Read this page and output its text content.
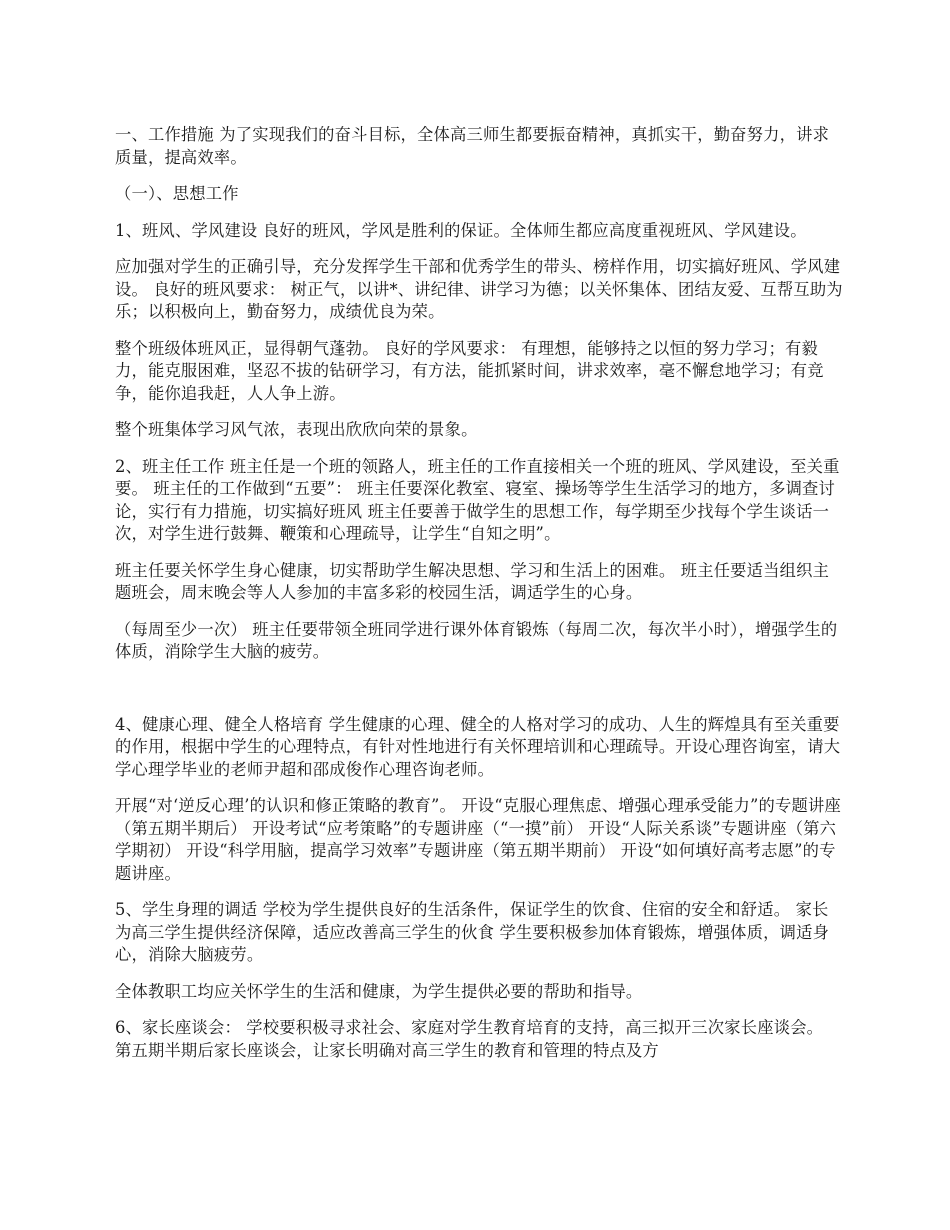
一、工作措施 为了实现我们的奋斗目标，全体高三师生都要振奋精神，真抓实干，勤奋努力，讲求质量，提高效率。

（一）、思想工作

1、班风、学风建设 良好的班风，学风是胜利的保证。全体师生都应高度重视班风、学风建设。

应加强对学生的正确引导，充分发挥学生干部和优秀学生的带头、榜样作用，切实搞好班风、学风建设。 良好的班风要求： 树正气，以讲*、讲纪律、讲学习为德；以关怀集体、团结友爱、互帮互助为乐；以积极向上，勤奋努力，成绩优良为荣。

整个班级体班风正，显得朝气蓬勃。 良好的学风要求： 有理想，能够持之以恒的努力学习；有毅力，能克服困难，坚忍不拔的钻研学习，有方法，能抓紧时间，讲求效率，毫不懈怠地学习；有竞争，能你追我赶，人人争上游。

整个班集体学习风气浓，表现出欣欣向荣的景象。

2、班主任工作 班主任是一个班的领路人，班主任的工作直接相关一个班的班风、学风建设，至关重要。 班主任的工作做到“五要”： 班主任要深化教室、寝室、操场等学生生活学习的地方，多调查讨论，实行有力措施，切实搞好班风 班主任要善于做学生的思想工作，每学期至少找每个学生谈话一次，对学生进行鼓舞、鞭策和心理疏导，让学生“自知之明”。

班主任要关怀学生身心健康，切实帮助学生解决思想、学习和生活上的困难。 班主任要适当组织主题班会，周末晚会等人人参加的丰富多彩的校园生活，调适学生的心身。

（每周至少一次） 班主任要带领全班同学进行课外体育锻炼（每周二次，每次半小时），增强学生的体质，消除学生大脑的疲劳。

4、健康心理、健全人格培育 学生健康的心理、健全的人格对学习的成功、人生的辉煌具有至关重要的作用，根据中学生的心理特点，有针对性地进行有关怀理培训和心理疏导。开设心理咨询室，请大学心理学毕业的老师尹超和邵成俊作心理咨询老师。

开展“对‘逆反心理’的认识和修正策略的教育”。 开设“克服心理焦虑、增强心理承受能力”的专题讲座（第五期半期后） 开设考试“应考策略”的专题讲座（“一摸”前） 开设“人际关系谈”专题讲座（第六学期初） 开设“科学用脑，提高学习效率”专题讲座（第五期半期前） 开设“如何填好高考志愿”的专题讲座。

5、学生身理的调适 学校为学生提供良好的生活条件，保证学生的饮食、住宿的安全和舒适。 家长为高三学生提供经济保障，适应改善高三学生的伙食 学生要积极参加体育锻炼，增强体质，调适身心，消除大脑疲劳。

全体教职工均应关怀学生的生活和健康，为学生提供必要的帮助和指导。

6、家长座谈会： 学校要积极寻求社会、家庭对学生教育培育的支持，高三拟开三次家长座谈会。 第五期半期后家长座谈会，让家长明确对高三学生的教育和管理的特点及方
